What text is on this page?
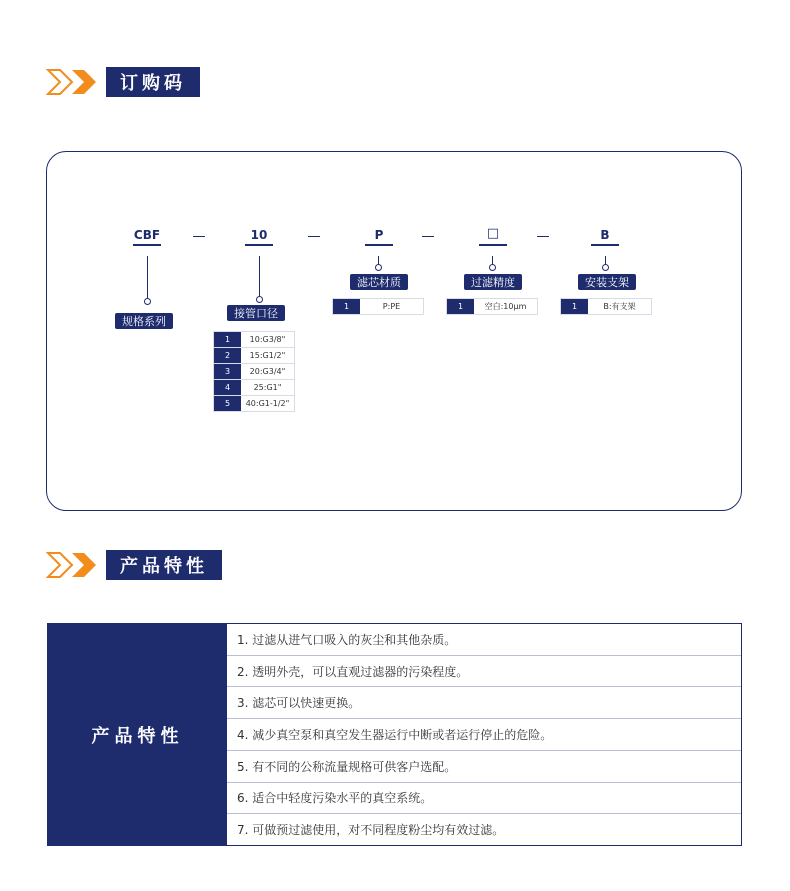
订购码
CBF	10	P	□	B
规格系列
接管口径
1	10:G3/8"
2	15:G1/2"
3	20:G3/4"
4	25:G1"
5	40:G1-1/2"
滤芯材质
1	P:PE
过滤精度
1	空白:10μm
安装支架
1	B:有支架
产品特性
产品特性
1. 过滤从进气口吸入的灰尘和其他杂质。
2. 透明外壳，可以直观过滤器的污染程度。
3. 滤芯可以快速更换。
4. 减少真空泵和真空发生器运行中断或者运行停止的危险。
5. 有不同的公称流量规格可供客户选配。
6. 适合中轻度污染水平的真空系统。
7. 可做预过滤使用，对不同程度粉尘均有效过滤。
